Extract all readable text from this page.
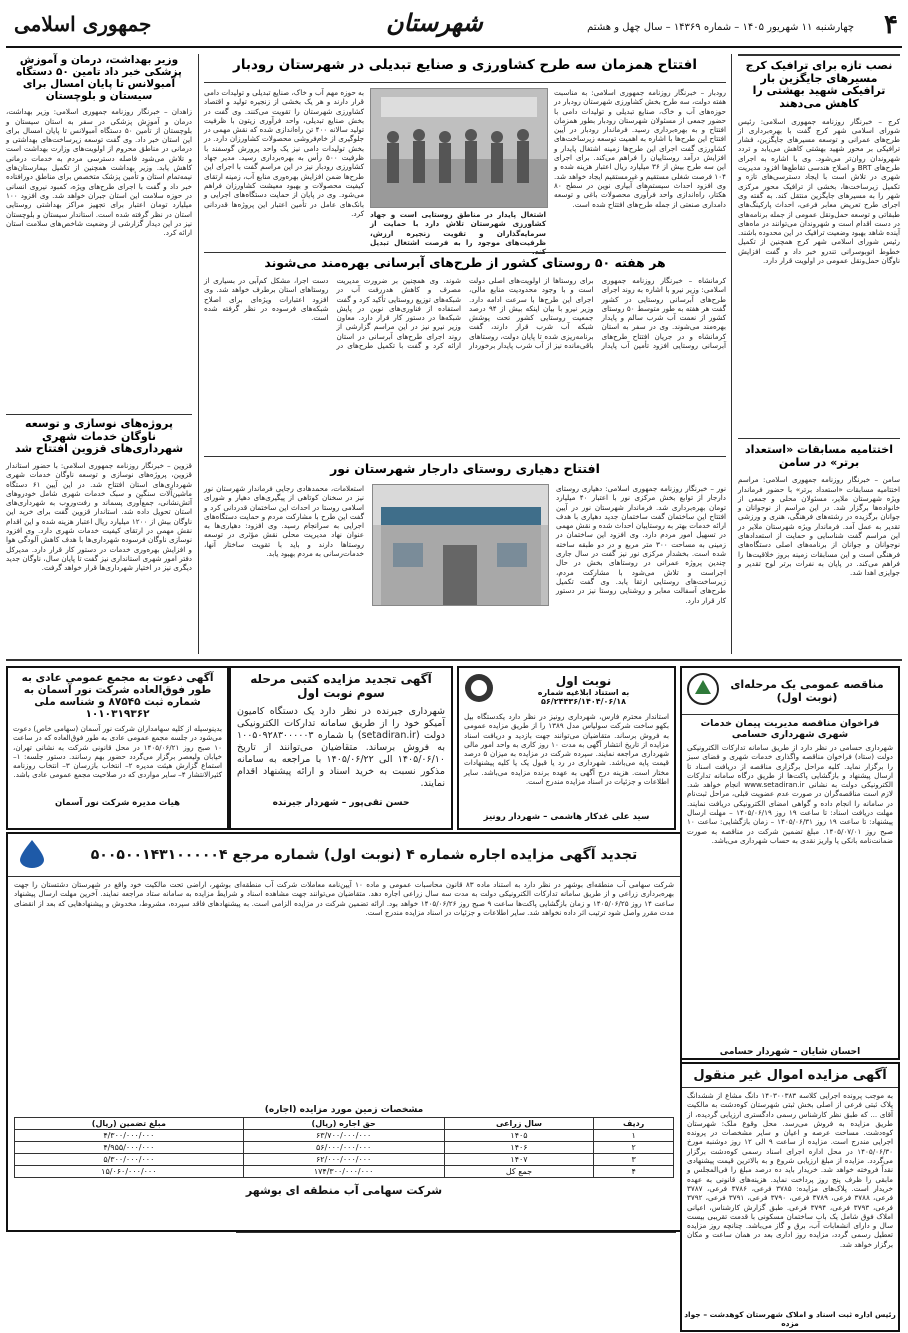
۴
چهارشنبه ۱۱ شهریور ۱۴۰۵ – شماره ۱۴۳۶۹ – سال چهل و هشتم
شهرستان
جمهوری اسلامی
نصب تازه برای ترافیک کرج مسیرهای جایگزین بار ترافیکی شهید بهشتی را کاهش می‌دهند
کرج – خبرنگار روزنامه جمهوری اسلامی: رئیس شورای اسلامی شهر کرج گفت با بهره‌برداری از طرح‌های عمرانی و توسعه مسیرهای جایگزین، فشار ترافیکی بر محور شهید بهشتی کاهش می‌یابد و تردد شهروندان روان‌تر می‌شود. وی با اشاره به اجرای طرح‌های BRT و اصلاح هندسی تقاطع‌ها افزود مدیریت شهری در تلاش است با ایجاد دسترسی‌های تازه و تکمیل زیرساخت‌ها، بخشی از ترافیک محور مرکزی شهر را به مسیرهای جایگزین منتقل کند. به گفته وی اجرای طرح تعریض معابر فرعی، احداث پارکینگ‌های طبقاتی و توسعه حمل‌ونقل عمومی از جمله برنامه‌های در دست اقدام است و شهروندان می‌توانند در ماه‌های آینده شاهد بهبود وضعیت ترافیک در این محدوده باشند. رئیس شورای اسلامی شهر کرج همچنین از تکمیل خطوط اتوبوسرانی تندرو خبر داد و گفت افزایش ناوگان حمل‌ونقل عمومی در اولویت قرار دارد.
اختتامیه مسابقات «استعداد برتر» در سامن
سامن – خبرنگار روزنامه جمهوری اسلامی: مراسم اختتامیه مسابقات «استعداد برتر» با حضور فرماندار ویژه شهرستان ملایر، مسئولان محلی و جمعی از خانواده‌ها برگزار شد. در این مراسم از نوجوانان و جوانان برگزیده در رشته‌های فرهنگی، هنری و ورزشی تقدیر به عمل آمد. فرماندار ویژه شهرستان ملایر در این مراسم گفت شناسایی و حمایت از استعدادهای نوجوانان و جوانان از برنامه‌های اصلی دستگاه‌های فرهنگی است و این مسابقات زمینه بروز خلاقیت‌ها را فراهم می‌کند. در پایان به نفرات برتر لوح تقدیر و جوایزی اهدا شد.
افتتاح همزمان سه طرح کشاورزی و صنایع تبدیلی در شهرستان رودبار
رودبار – خبرنگار روزنامه جمهوری اسلامی: به مناسبت هفته دولت، سه طرح بخش کشاورزی شهرستان رودبار در حوزه‌های آب و خاک، صنایع تبدیلی و تولیدات دامی با حضور جمعی از مسئولان شهرستان رودبار بطور همزمان افتتاح و به بهره‌برداری رسید. فرماندار رودبار در آیین افتتاح این طرح‌ها با اشاره به اهمیت توسعه زیرساخت‌های کشاورزی گفت اجرای این طرح‌ها زمینه اشتغال پایدار و افزایش درآمد روستاییان را فراهم می‌کند. برای اجرای این سه طرح بیش از ۳۶ میلیارد ریال اعتبار هزینه شده و ۱۰۴ فرصت شغلی مستقیم و غیرمستقیم ایجاد خواهد شد. وی افزود احداث سیستم‌های آبیاری نوین در سطح ۸۰ هکتار، راه‌اندازی واحد فرآوری محصولات باغی و توسعه دامداری صنعتی از جمله طرح‌های افتتاح شده است.
اشتغال پایدار در مناطق روستایی است و جهاد کشاورزی شهرستان تلاش دارد با حمایت از سرمایه‌گذاران و تقویت زنجیره ارزش، ظرفیت‌های موجود را به فرصت اشتغال تبدیل
به حوزه مهم آب و خاک، صنایع تبدیلی و تولیدات دامی قرار دارند و هر یک بخشی از زنجیره تولید و اقتصاد کشاورزی شهرستان را تقویت می‌کنند. وی گفت در بخش صنایع تبدیلی، واحد فرآوری زیتون با ظرفیت تولید سالانه ۴۰۰ تن راه‌اندازی شده که نقش مهمی در جلوگیری از خام‌فروشی محصولات کشاورزان دارد. در بخش تولیدات دامی نیز یک واحد پرورش گوسفند با ظرفیت ۵۰۰ رأس به بهره‌برداری رسید. مدیر جهاد کشاورزی رودبار نیز در این مراسم گفت با اجرای این طرح‌ها ضمن افزایش بهره‌وری منابع آب، زمینه ارتقای کیفیت محصولات و بهبود معیشت کشاورزان فراهم می‌شود. وی در پایان از حمایت دستگاه‌های اجرایی و بانک‌های عامل در تأمین اعتبار این پروژه‌ها قدردانی کرد.
هر هفته ۵۰ روستای کشور از طرح‌های آبرسانی بهره‌مند می‌شوند
کرمانشاه – خبرنگار روزنامه جمهوری اسلامی: وزیر نیرو با اشاره به روند اجرای طرح‌های آبرسانی روستایی در کشور گفت هر هفته به طور متوسط ۵۰ روستای کشور از نعمت آب شرب سالم و پایدار بهره‌مند می‌شوند. وی در سفر به استان کرمانشاه و در جریان افتتاح طرح‌های آبرسانی روستایی افزود تأمین آب پایدار برای روستاها از اولویت‌های اصلی دولت است و با وجود محدودیت منابع مالی، اجرای این طرح‌ها با سرعت ادامه دارد. وزیر نیرو با بیان اینکه بیش از ۹۴ درصد جمعیت روستایی کشور تحت پوشش شبکه آب شرب قرار دارند، گفت برنامه‌ریزی شده تا پایان دولت، روستاهای باقی‌مانده نیز از آب شرب پایدار برخوردار شوند. وی همچنین بر ضرورت مدیریت مصرف و کاهش هدررفت آب در شبکه‌های توزیع روستایی تأکید کرد و گفت استفاده از فناوری‌های نوین در پایش شبکه‌ها در دستور کار قرار دارد. معاون وزیر نیرو نیز در این مراسم گزارشی از روند اجرای طرح‌های آبرسانی در استان ارائه کرد و گفت با تکمیل طرح‌های در دست اجرا، مشکل کم‌آبی در بسیاری از روستاهای استان برطرف خواهد شد. وی افزود اعتبارات ویژه‌ای برای اصلاح شبکه‌های فرسوده در نظر گرفته شده است.
افتتاح دهیاری روستای دارجار شهرستان نور
نور – خبرنگار روزنامه جمهوری اسلامی: دهیاری روستای دارجار از توابع بخش مرکزی نور با اعتبار ۴۰ میلیارد تومان بهره‌برداری شد. فرماندار شهرستان نور در آیین افتتاح این ساختمان گفت ساختمان جدید دهیاری با هدف ارائه خدمات بهتر به روستاییان احداث شده و نقش مهمی در تسهیل امور مردم دارد. وی افزود این ساختمان در زمینی به مساحت ۳۰۰ متر مربع و در دو طبقه ساخته شده است. بخشدار مرکزی نور نیز گفت در سال جاری چندین پروژه عمرانی در روستاهای بخش در حال اجراست و تلاش می‌شود با مشارکت مردم، زیرساخت‌های روستایی ارتقا یابد. وی گفت تکمیل طرح‌های آسفالت معابر و روشنایی روستا نیز در دستور کار قرار دارد.
استعلامات، محمدهادی رجایی فرماندار شهرستان نور نیز در سخنان کوتاهی از پیگیری‌های دهیار و شورای اسلامی روستا در احداث این ساختمان قدردانی کرد و گفت این طرح با مشارکت مردم و حمایت دستگاه‌های اجرایی به سرانجام رسید. وی افزود: دهیاری‌ها به عنوان نهاد مدیریت محلی نقش مؤثری در توسعه روستاها دارند و باید با تقویت ساختار آنها، خدمات‌رسانی به مردم بهبود یابد.
وزیر بهداشت، درمان و آموزش پزشکی خبر داد تامین ۵۰ دستگاه آمبولانس تا پایان امسال برای سیستان و بلوچستان
زاهدان – خبرنگار روزنامه جمهوری اسلامی: وزیر بهداشت، درمان و آموزش پزشکی در سفر به استان سیستان و بلوچستان از تأمین ۵۰ دستگاه آمبولانس تا پایان امسال برای این استان خبر داد. وی گفت توسعه زیرساخت‌های بهداشتی و درمانی در مناطق محروم از اولویت‌های وزارت بهداشت است و تلاش می‌شود فاصله دسترسی مردم به خدمات درمانی کاهش یابد. وزیر بهداشت همچنین از تکمیل بیمارستان‌های نیمه‌تمام استان و تأمین پزشک متخصص برای مناطق دورافتاده خبر داد و گفت با اجرای طرح‌های ویژه، کمبود نیروی انسانی در حوزه سلامت این استان جبران خواهد شد. وی افزود ۱۰۰ میلیارد تومان اعتبار برای تجهیز مراکز بهداشتی روستایی استان در نظر گرفته شده است. استاندار سیستان و بلوچستان نیز در این دیدار گزارشی از وضعیت شاخص‌های سلامت استان ارائه کرد.
پروژه‌های نوسازی و توسعه ناوگان خدمات شهری شهرداری‌های قزوین افتتاح شد
قزوین – خبرنگار روزنامه جمهوری اسلامی: با حضور استاندار قزوین، پروژه‌های نوسازی و توسعه ناوگان خدمات شهری شهرداری‌های استان افتتاح شد. در این آیین ۶۱ دستگاه ماشین‌آلات سنگین و سبک خدمات شهری شامل خودروهای آتش‌نشانی، جمع‌آوری پسماند و رفت‌وروب به شهرداری‌های استان تحویل داده شد. استاندار قزوین گفت برای خرید این ناوگان بیش از ۱۲۰۰ میلیارد ریال اعتبار هزینه شده و این اقدام نقش مهمی در ارتقای کیفیت خدمات شهری دارد. وی افزود نوسازی ناوگان فرسوده شهرداری‌ها با هدف کاهش آلودگی هوا و افزایش بهره‌وری خدمات در دستور کار قرار دارد. مدیرکل دفتر امور شهری استانداری نیز گفت تا پایان سال، ناوگان جدید دیگری نیز در اختیار شهرداری‌ها قرار خواهد گرفت.
مناقصه عمومی یک مرحله‌ای (نوبت اول)
فراخوان مناقصه مدیریت پیمان خدمات شهری شهرداری حسامی
شهرداری حسامی در نظر دارد از طریق سامانه تدارکات الکترونیکی دولت (ستاد) فراخوان مناقصه واگذاری خدمات شهری و فضای سبز را برگزار نماید. کلیه مراحل برگزاری مناقصه از دریافت اسناد تا ارسال پیشنهاد و بازگشایی پاکت‌ها از طریق درگاه سامانه تدارکات الکترونیکی دولت به نشانی www.setadiran.ir انجام خواهد شد. لازم است مناقصه‌گران در صورت عدم عضویت قبلی، مراحل ثبت‌نام در سامانه را انجام داده و گواهی امضای الکترونیکی دریافت نمایند. مهلت دریافت اسناد: تا ساعت ۱۹ روز ۱۴۰۵/۰۶/۱۹ – مهلت ارسال پیشنهاد: تا ساعت ۱۹ روز ۱۴۰۵/۰۶/۳۱ – زمان بازگشایی: ساعت ۱۰ صبح روز ۱۴۰۵/۰۷/۰۱. مبلغ تضمین شرکت در مناقصه به صورت ضمانت‌نامه بانکی یا واریز نقدی به حساب شهرداری می‌باشد.
احسان شایان – شهردار حسامی
نوبت اول
به استناد ابلاغیه شماره ۵۶/۲۴۴۳۶/۱۴۰۴/۰۶/۱۸
استاندار محترم فارس، شهرداری رونیز در نظر دارد یکدستگاه بیل بکهو ساخت شرکت سولیاس مدل ۱۳۸۹ را از طریق مزایده عمومی به فروش برساند. متقاضیان می‌توانند جهت بازدید و دریافت اسناد مزایده از تاریخ انتشار آگهی به مدت ۱۰ روز کاری به واحد امور مالی شهرداری مراجعه نمایند. سپرده شرکت در مزایده به میزان ۵ درصد قیمت پایه می‌باشد. شهرداری در رد یا قبول یک یا کلیه پیشنهادات مختار است. هزینه درج آگهی به عهده برنده مزایده می‌باشد. سایر اطلاعات و جزئیات در اسناد مزایده مندرج است.
سید علی غدکار هاشمی – شهردار رونیز
آگهی تجدید مزایده کتبی مرحله سوم نوبت اول
شهرداری جیرنده در نظر دارد یک دستگاه کامیون آمیکو خود را از طریق سامانه تدارکات الکترونیکی دولت (setadiran.ir) با شماره ۱۰۰۵۰۹۲۸۳۰۰۰۰۰۳ به فروش برساند. متقاضیان می‌توانند از تاریخ ۱۴۰۵/۰۶/۱۰ الی ۱۴۰۵/۰۶/۲۲ با مراجعه به سامانه مذکور نسبت به خرید اسناد و ارائه پیشنهاد اقدام نمایند.
حسن تقی‌پور – شهردار جیرنده
آگهی دعوت به مجمع عمومی عادی به طور فوق‌العاده شرکت نور آسمان به شماره ثبت ۸۷۵۴۵ و شناسه ملی ۱۰۱۰۳۱۹۳۶۲
بدینوسیله از کلیه سهامداران شرکت نور آسمان (سهامی خاص) دعوت می‌شود در جلسه مجمع عمومی عادی به طور فوق‌العاده که در ساعت ۱۰ صبح روز ۱۴۰۵/۰۶/۲۱ در محل قانونی شرکت به نشانی تهران، خیابان ولیعصر برگزار می‌گردد حضور بهم رسانند. دستور جلسه: ۱– استماع گزارش هیئت مدیره ۲– انتخاب بازرسان ۳– انتخاب روزنامه کثیرالانتشار ۴– سایر مواردی که در صلاحیت مجمع عمومی عادی باشد.
هیات مدیره شرکت نور آسمان
تجدید آگهی مزایده اجاره شماره ۴ (نوبت اول) شماره مرجع ۵۰۰۵۰۰۱۴۳۱۰۰۰۰۰۴
شرکت سهامی آب منطقه‌ای بوشهر در نظر دارد به استناد ماده ۸۳ قانون محاسبات عمومی و ماده ۱۰ آیین‌نامه معاملات شرکت آب منطقه‌ای بوشهر، اراضی تحت مالکیت خود واقع در شهرستان دشتستان را جهت بهره‌برداری زراعی و از طریق سامانه تدارکات الکترونیکی دولت به مدت سه سال زراعی اجاره دهد. متقاضیان می‌توانند جهت مشاهده اسناد و شرایط مزایده به سامانه ستاد مراجعه نمایند. آخرین مهلت ارسال پیشنهاد ساعت ۱۴ روز ۱۴۰۵/۰۶/۲۵ و زمان بازگشایی پاکت‌ها ساعت ۹ صبح روز ۱۴۰۵/۰۶/۲۶ خواهد بود. ارائه تضمین شرکت در مزایده الزامی است. به پیشنهادهای فاقد سپرده، مشروط، مخدوش و پیشنهادهایی که بعد از انقضای مدت مقرر واصل شود ترتیب اثر داده نخواهد شد. سایر اطلاعات و جزئیات در اسناد مزایده مندرج است.
مشخصات زمین مورد مزایده (اجاره)
ردیف	سال زراعی	حق اجاره (ریال)	مبلغ تضمین (ریال)
۱	۱۴۰۵	۶۳/۷۰۰/۰۰۰/۰۰۰	۴/۳۰۰/۰۰۰/۰۰۰
۲	۱۴۰۶	۵۶/۰۰۰/۰۰۰/۰۰۰	۴/۹۵۵/۰۰۰/۰۰۰
۳	۱۴۰۷	۶۲/۰۰۰/۰۰۰/۰۰۰	۵/۳۰۰/۰۰۰/۰۰۰
۴	جمع کل	۱۷۴/۳۰۰/۰۰۰/۰۰۰	۱۵/۰۶۰/۰۰۰/۰۰۰
شرکت سهامی آب منطقه ای بوشهر
آگهی مزایده اموال غیر منقول
به موجب پرونده اجرایی کلاسه ۱۴۰۳۰۰۳۸۳ دانگ مشاع از ششدانگ پلاک ثبتی فرعی از اصلی بخش ثبتی شهرستان کوه‌دشت به مالکیت آقای ... که طبق نظر کارشناس رسمی دادگستری ارزیابی گردیده، از طریق مزایده به فروش می‌رسد. محل وقوع ملک: شهرستان کوه‌دشت. مساحت عرصه و اعیان و سایر مشخصات در پرونده اجرایی مندرج است. مزایده از ساعت ۹ الی ۱۲ روز دوشنبه مورخ ۱۴۰۵/۰۶/۳۰ در محل اداره اجرای اسناد رسمی کوه‌دشت برگزار می‌گردد. مزایده از مبلغ ارزیابی شروع و به بالاترین قیمت پیشنهادی نقداً فروخته خواهد شد. خریدار باید ده درصد مبلغ را فی‌المجلس و مابقی را ظرف پنج روز پرداخت نماید. هزینه‌های قانونی به عهده خریدار است. پلاک‌های مزایده: ۳۷۸۵ فرعی، ۳۷۸۶ فرعی، ۳۷۸۷ فرعی، ۳۷۸۸ فرعی، ۳۷۸۹ فرعی، ۳۷۹۰ فرعی، ۳۷۹۱ فرعی، ۳۷۹۲ فرعی، ۳۷۹۳ فرعی، ۳۷۹۴ فرعی. طبق گزارش کارشناس، اعیانی املاک فوق شامل یک باب ساختمان مسکونی با قدمت تقریبی بیست سال و دارای انشعابات آب، برق و گاز می‌باشد. چنانچه روز مزایده تعطیل رسمی گردد، مزایده روز اداری بعد در همان ساعت و مکان برگزار خواهد شد.
رئیس اداره ثبت اسناد و املاک شهرستان کوهدشت – جواد مزده
